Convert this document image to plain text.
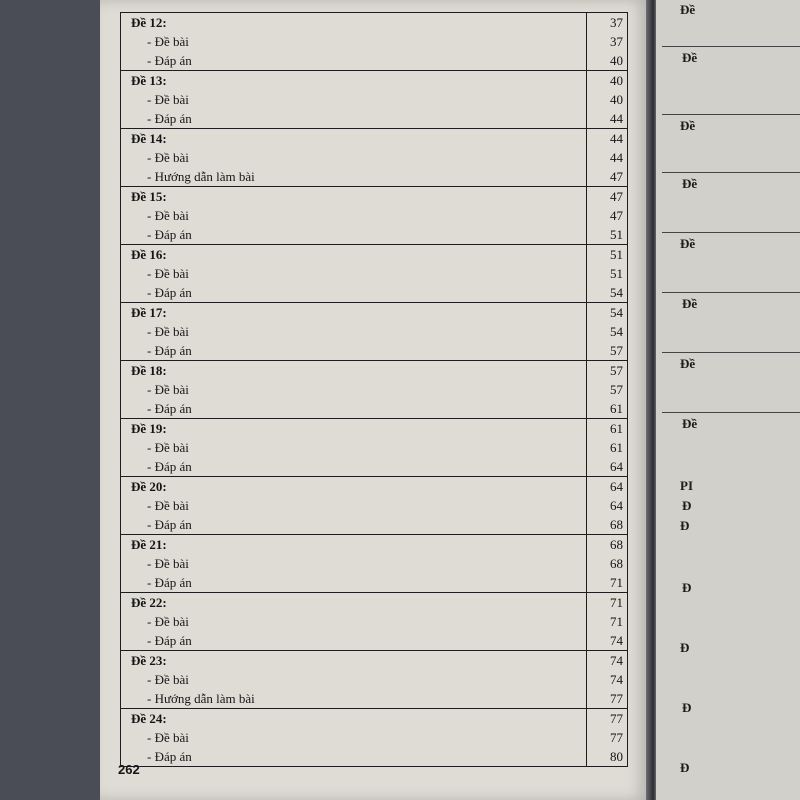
Đề
Đề
Đề
Đề
Đề
Đề
Đề
Đề
PI
Đ
Đ
Đ
Đ
Đ
Đ
Đề 12:	37
- Đề bài	37
- Đáp án	40
Đề 13:	40
- Đề bài	40
- Đáp án	44
Đề 14:	44
- Đề bài	44
- Hướng dẫn làm bài	47
Đề 15:	47
- Đề bài	47
- Đáp án	51
Đề 16:	51
- Đề bài	51
- Đáp án	54
Đề 17:	54
- Đề bài	54
- Đáp án	57
Đề 18:	57
- Đề bài	57
- Đáp án	61
Đề 19:	61
- Đề bài	61
- Đáp án	64
Đề 20:	64
- Đề bài	64
- Đáp án	68
Đề 21:	68
- Đề bài	68
- Đáp án	71
Đề 22:	71
- Đề bài	71
- Đáp án	74
Đề 23:	74
- Đề bài	74
- Hướng dẫn làm bài	77
Đề 24:	77
- Đề bài	77
- Đáp án	80
262
